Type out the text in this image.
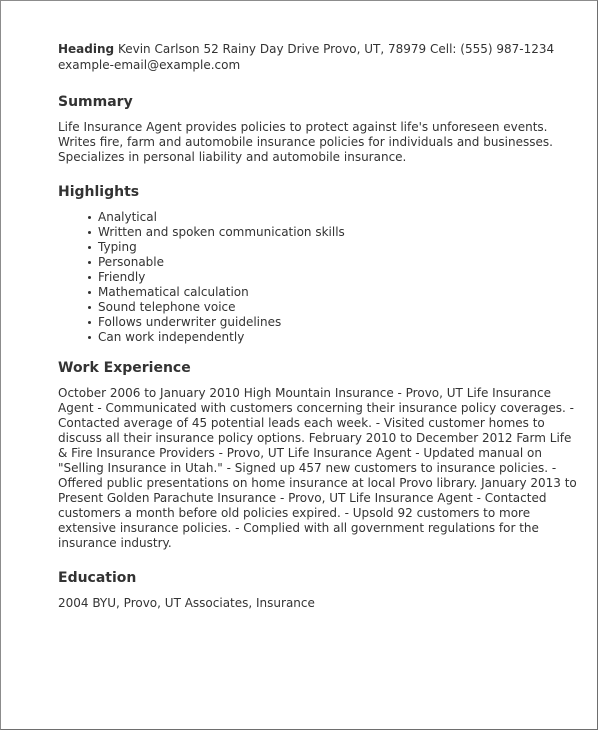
Heading Kevin Carlson 52 Rainy Day Drive Provo, UT, 78979 Cell: (555) 987-1234 example-email@example.com
Summary

Life Insurance Agent provides policies to protect against life's unforeseen events. Writes fire, farm and automobile insurance policies for individuals and businesses. Specializes in personal liability and automobile insurance.

Highlights
Analytical
Written and spoken communication skills
Typing
Personable
Friendly
Mathematical calculation
Sound telephone voice
Follows underwriter guidelines
Can work independently
Work Experience

October 2006 to January 2010 High Mountain Insurance - Provo, UT Life Insurance Agent - Communicated with customers concerning their insurance policy coverages. - Contacted average of 45 potential leads each week. - Visited customer homes to discuss all their insurance policy options. February 2010 to December 2012 Farm Life & Fire Insurance Providers - Provo, UT Life Insurance Agent - Updated manual on "Selling Insurance in Utah." - Signed up 457 new customers to insurance policies. - Offered public presentations on home insurance at local Provo library. January 2013 to Present Golden Parachute Insurance - Provo, UT Life Insurance Agent - Contacted customers a month before old policies expired. - Upsold 92 customers to more extensive insurance policies. - Complied with all government regulations for the insurance industry.

Education

2004 BYU, Provo, UT Associates, Insurance
